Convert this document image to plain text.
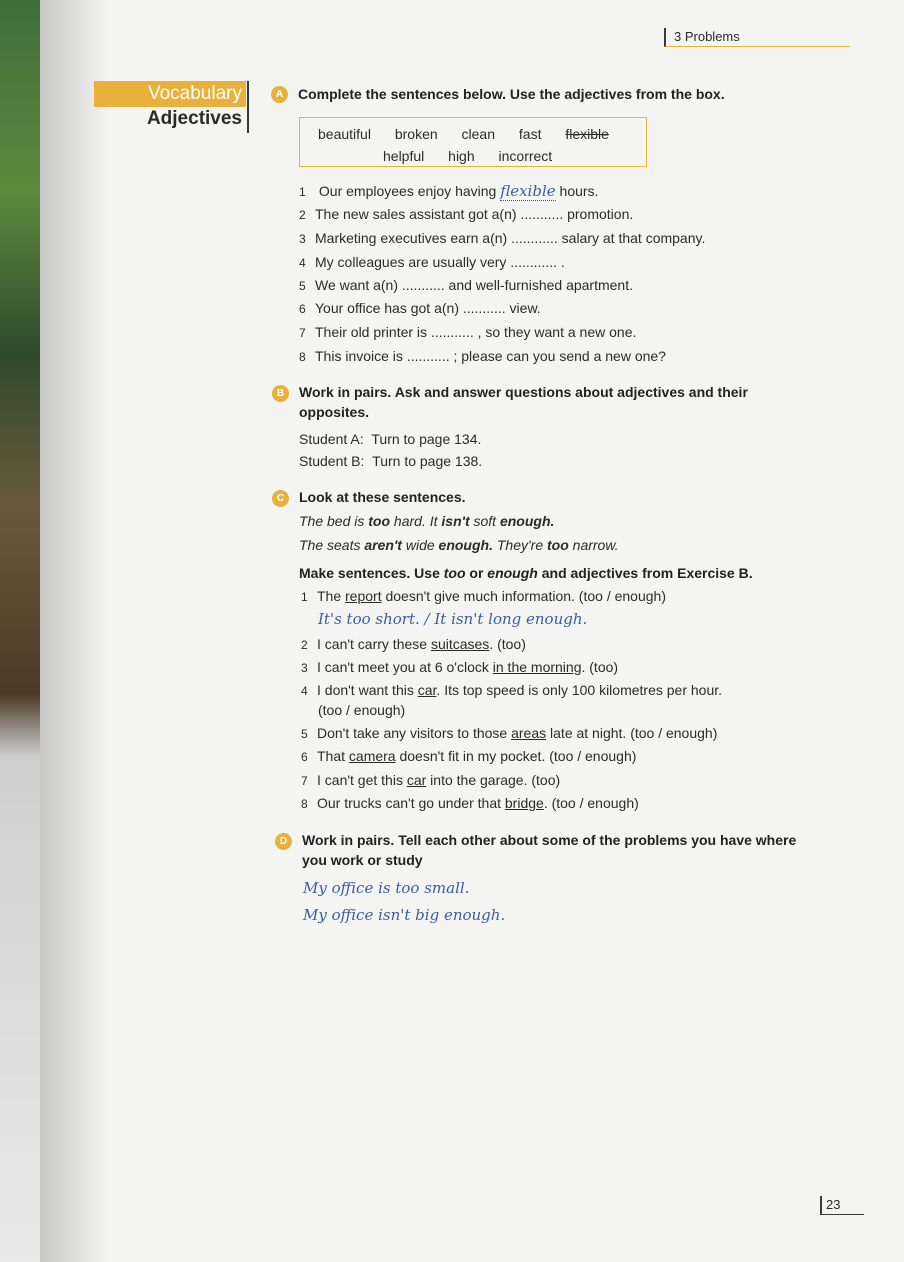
3 Problems
Vocabulary
Adjectives
A	Complete the sentences below. Use the adjectives from the box.
beautiful broken clean fast flexible
helpful high incorrect
1 Our employees enjoy having flexible hours.
2 The new sales assistant got a(n) ........... promotion.
3 Marketing executives earn a(n) ............ salary at that company.
4 My colleagues are usually very ............ .
5 We want a(n) ........... and well-furnished apartment.
6 Your office has got a(n) ........... view.
7 Their old printer is ........... , so they want a new one.
8 This invoice is ........... ; please can you send a new one?
B	Work in pairs. Ask and answer questions about adjectives and their
opposites.
Student A: Turn to page 134.
Student B: Turn to page 138.
C	Look at these sentences.
The bed is too hard. It isn't soft enough.
The seats aren't wide enough. They're too narrow.
Make sentences. Use too or enough and adjectives from Exercise B.
1 The report doesn't give much information. (too / enough)
It's too short. / It isn't long enough.
2 I can't carry these suitcases. (too)
3 I can't meet you at 6 o'clock in the morning. (too)
4 I don't want this car. Its top speed is only 100 kilometres per hour.
(too / enough)
5 Don't take any visitors to those areas late at night. (too / enough)
6 That camera doesn't fit in my pocket. (too / enough)
7 I can't get this car into the garage. (too)
8 Our trucks can't go under that bridge. (too / enough)
D	Work in pairs. Tell each other about some of the problems you have where
you work or study
My office is too small.
My office isn't big enough.
23
